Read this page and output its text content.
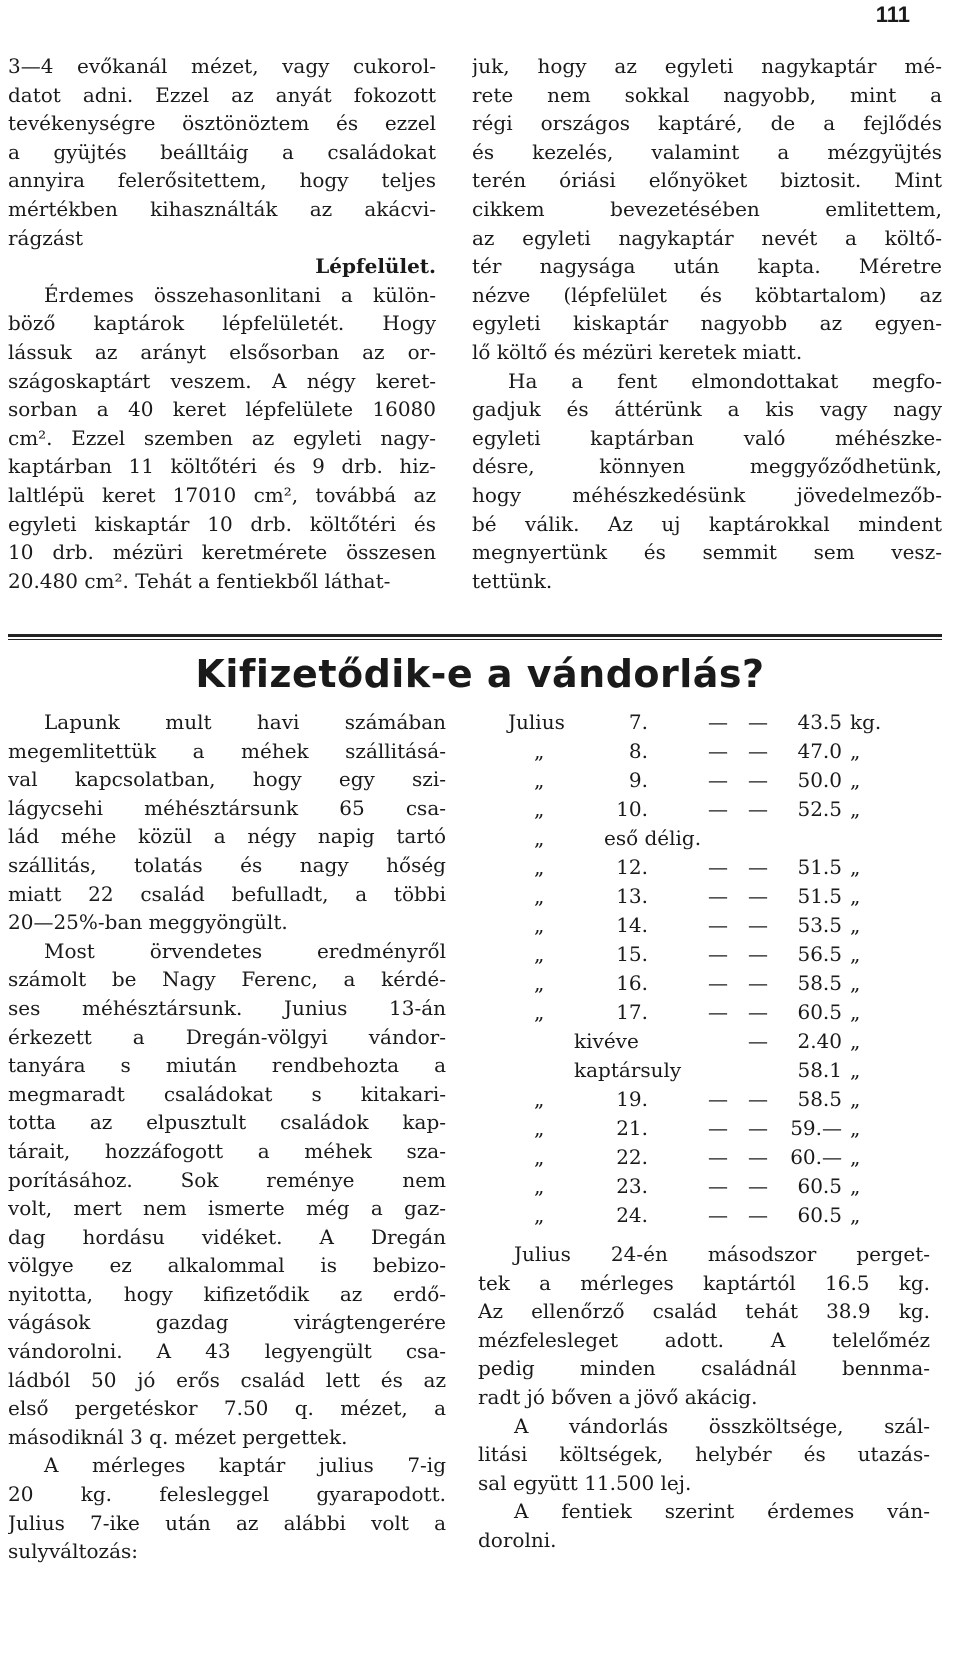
111
3—4 evőkanál mézet, vagy cukorol-
datot adni. Ezzel az anyát fokozott
tevékenységre ösztönöztem és ezzel
a gyüjtés beálltáig a családokat
annyira felerősitettem, hogy teljes
mértékben kihasználták az akácvi-
rágzást
Lépfelület.
Érdemes összehasonlitani a külön-
böző kaptárok lépfelületét. Hogy
lássuk az arányt elsősorban az or-
szágoskaptárt veszem. A négy keret-
sorban a 40 keret lépfelülete 16080
cm². Ezzel szemben az egyleti nagy-
kaptárban 11 költőtéri és 9 drb. hiz-
laltlépü keret 17010 cm², továbbá az
egyleti kiskaptár 10 drb. költőtéri és
10 drb. mézüri keretmérete összesen
20.480 cm². Tehát a fentiekből láthat-
juk, hogy az egyleti nagykaptár mé-
rete nem sokkal nagyobb, mint a
régi országos kaptáré, de a fejlődés
és kezelés, valamint a mézgyüjtés
terén óriási előnyöket biztosit. Mint
cikkem bevezetésében emlitettem,
az egyleti nagykaptár nevét a költő-
tér nagysága után kapta. Méretre
nézve (lépfelület és köbtartalom) az
egyleti kiskaptár nagyobb az egyen-
lő költő és mézüri keretek miatt.
Ha a fent elmondottakat megfo-
gadjuk és áttérünk a kis vagy nagy
egyleti kaptárban való méhészke-
désre, könnyen meggyőződhetünk,
hogy méhészkedésünk jövedelmezőb-
bé válik. Az uj kaptárokkal mindent
megnyertünk és semmit sem vesz-
tettünk.
Kifizetődik-e a vándorlás?
Lapunk mult havi számában
megemlitettük a méhek szállitásá-
val kapcsolatban, hogy egy szi-
lágycsehi méhésztársunk 65 csa-
lád méhe közül a négy napig tartó
szállitás, tolatás és nagy hőség
miatt 22 család befulladt, a többi
20—25%-ban meggyöngült.
Most örvendetes eredményről
számolt be Nagy Ferenc, a kérdé-
ses méhésztársunk. Junius 13-án
érkezett a Dregán-völgyi vándor-
tanyára s miután rendbehozta a
megmaradt családokat s kitakari-
totta az elpusztult családok kap-
tárait, hozzáfogott a méhek sza-
porításához. Sok reménye nem
volt, mert nem ismerte még a gaz-
dag hordásu vidéket. A Dregán
völgye ez alkalommal is bebizo-
nyitotta, hogy kifizetődik az erdő-
vágások gazdag virágtengerére
vándorolni. A 43 legyengült csa-
ládból 50 jó erős család lett és az
első pergetéskor 7.50 q. mézet, a
másodiknál 3 q. mézet pergettek.
A mérleges kaptár julius 7-ig
20 kg. felesleggel gyarapodott.
Julius 7-ike után az alábbi volt a
sulyváltozás:
Julius	7.	— —	43.5 kg.
„	8.	— —	47.0 „
„	9.	— —	50.0 „
„	10.	— —	52.5 „
„	eső délig.
„	12.	— —	51.5 „
„	13.	— —	51.5 „
„	14.	— —	53.5 „
„	15.	— —	56.5 „
„	16.	— —	58.5 „
„	17.	— —	60.5 „
kivéve	—	2.40 „
kaptársuly	58.1 „
„	19.	— —	58.5 „
„	21.	— —	59.— „
„	22.	— —	60.— „
„	23.	— —	60.5 „
„	24.	— —	60.5 „
Julius 24-én másodszor perget-
tek a mérleges kaptártól 16.5 kg.
Az ellenőrző család tehát 38.9 kg.
mézfelesleget adott. A telelőméz
pedig minden családnál bennma-
radt jó bőven a jövő akácig.
A vándorlás összköltsége, szál-
litási költségek, helybér és utazás-
sal együtt 11.500 lej.
A fentiek szerint érdemes ván-
dorolni.
